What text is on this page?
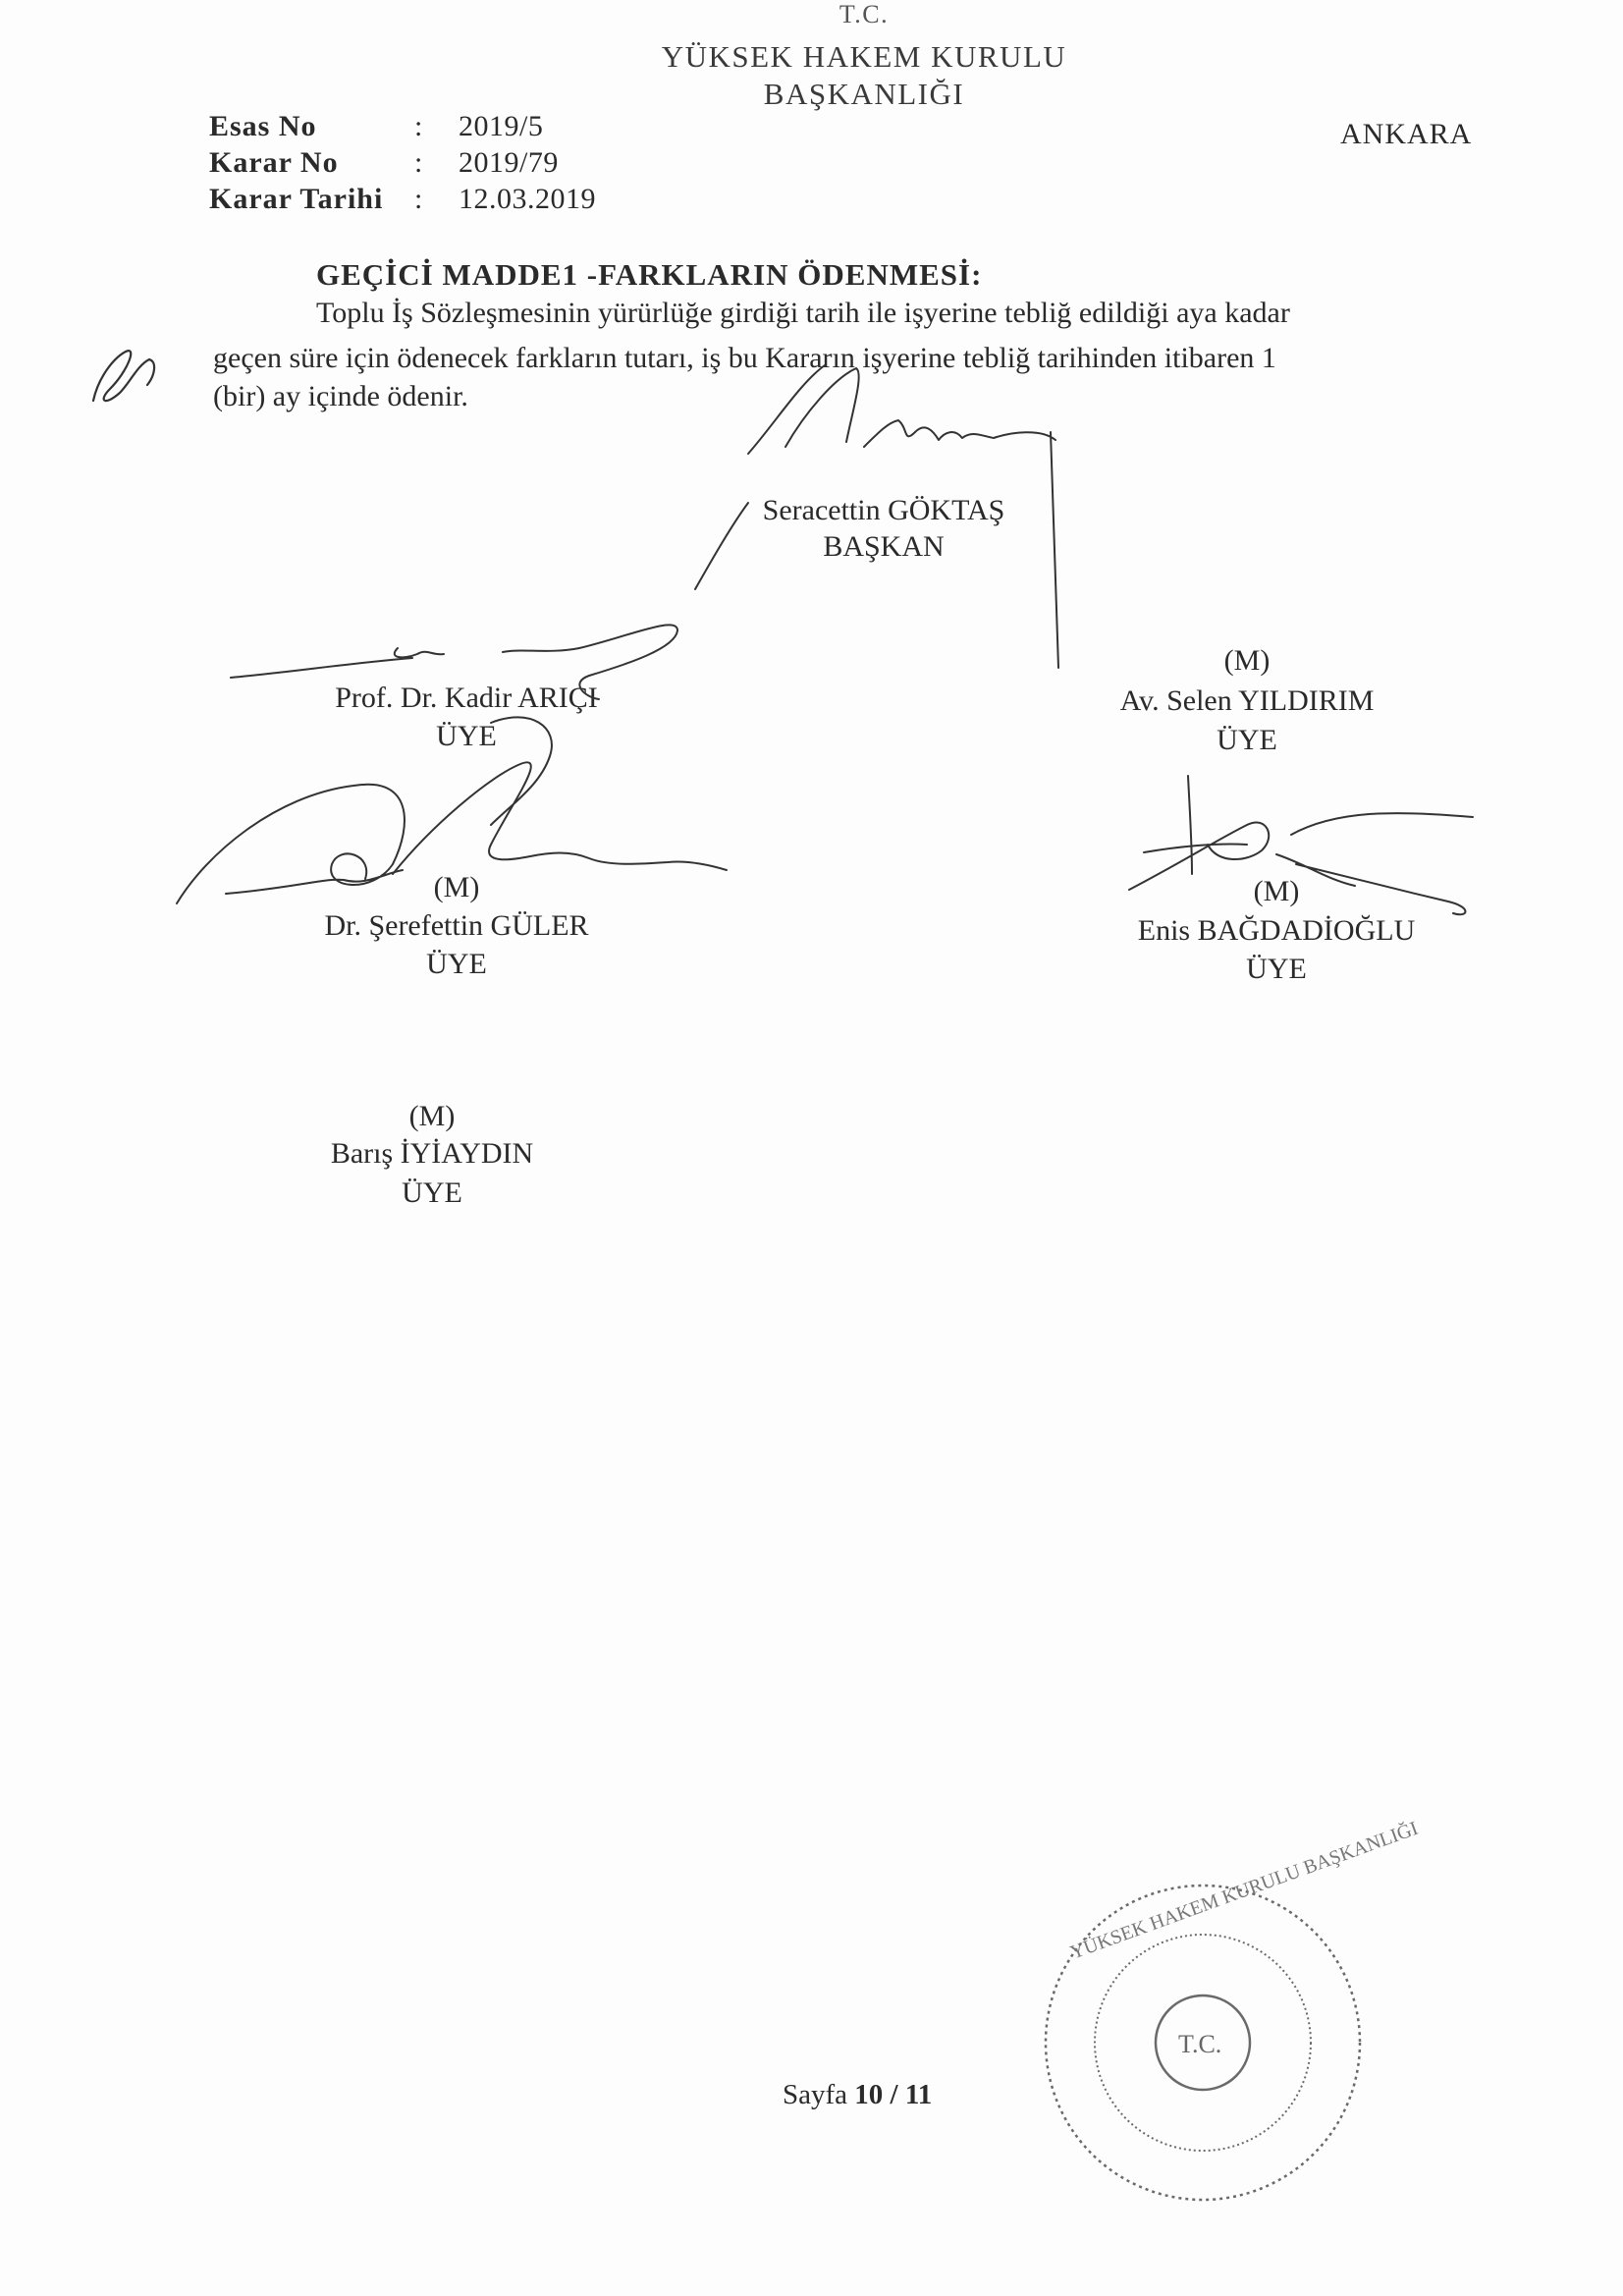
T.C.
YÜKSEK HAKEM KURULU
BAŞKANLIĞI
Esas No	: 2019/5
Karar No	: 2019/79
Karar Tarihi : 12.03.2019
ANKARA
GEÇİCİ MADDE1 -FARKLARIN ÖDENMESİ:
Toplu İş Sözleşmesinin yürürlüğe girdiği tarih ile işyerine tebliğ edildiği aya kadar
geçen süre için ödenecek farkların tutarı, iş bu Kararın işyerine tebliğ tarihinden itibaren 1
(bir) ay içinde ödenir.
Seracettin GÖKTAŞ
BAŞKAN
Prof. Dr. Kadir ARIÇI
ÜYE
(M)
Av. Selen YILDIRIM
ÜYE
(M)
Dr. Şerefettin GÜLER
ÜYE
(M)
Enis BAĞDADİOĞLU
ÜYE
(M)
Barış İYİAYDIN
ÜYE
Sayfa 10 / 11
T.C.
YÜKSEK HAKEM KURULU BAŞKANLIĞI
